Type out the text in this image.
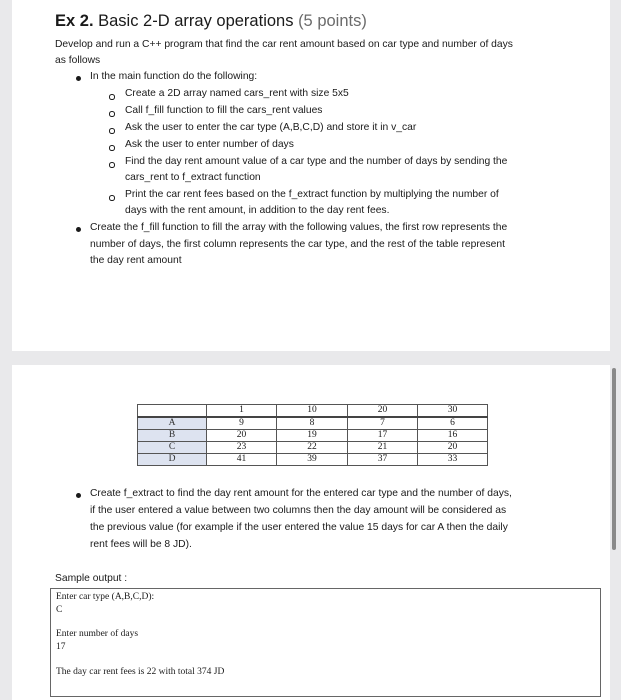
Ex 2. Basic 2-D array operations (5 points)
Develop and run a C++ program that find the car rent amount based on car type and number of days
as follows
In the main function do the following:
Create a 2D array named cars_rent with size 5x5
Call f_fill function to fill the cars_rent values
Ask the user to enter the car type (A,B,C,D) and store it in v_car
Ask the user to enter number of days
Find the day rent amount value of a car type and the number of days by sending the
cars_rent to f_extract function
Print the car rent fees based on the f_extract function by multiplying the number of
days with the rent amount, in addition to the day rent fees.
Create the f_fill function to fill the array with the following values, the first row represents the
number of days, the first column represents the car type, and the rest of the table represent
the day rent amount
	1	10	20	30
A	9	8	7	6
B	20	19	17	16
C	23	22	21	20
D	41	39	37	33
Create f_extract to find the day rent amount for the entered car type and the number of days,
if the user entered a value between two columns then the day amount will be considered as
the previous value (for example if the user entered the value 15 days for car A then the daily
rent fees will be 8 JD).
Sample output :
Enter car type (A,B,C,D):
C
Enter number of days
17
The day car rent fees is 22 with total 374 JD
